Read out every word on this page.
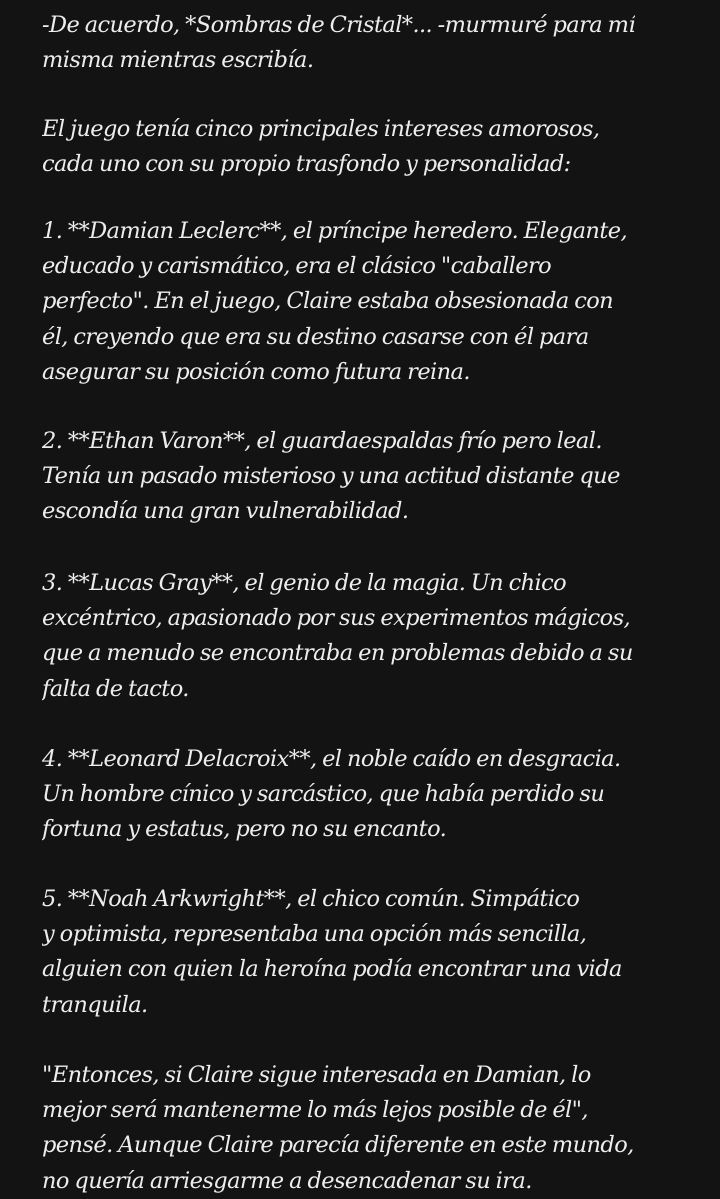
-De acuerdo, *Sombras de Cristal*... -murmuré para mí
misma mientras escribía.

El juego tenía cinco principales intereses amorosos,
cada uno con su propio trasfondo y personalidad:

1. **Damian Leclerc**, el príncipe heredero. Elegante,
educado y carismático, era el clásico "caballero
perfecto". En el juego, Claire estaba obsesionada con
él, creyendo que era su destino casarse con él para
asegurar su posición como futura reina.

2. **Ethan Varon**, el guardaespaldas frío pero leal.
Tenía un pasado misterioso y una actitud distante que
escondía una gran vulnerabilidad.

3. **Lucas Gray**, el genio de la magia. Un chico
excéntrico, apasionado por sus experimentos mágicos,
que a menudo se encontraba en problemas debido a su
falta de tacto.

4. **Leonard Delacroix**, el noble caído en desgracia.
Un hombre cínico y sarcástico, que había perdido su
fortuna y estatus, pero no su encanto.

5. **Noah Arkwright**, el chico común. Simpático
y optimista, representaba una opción más sencilla,
alguien con quien la heroína podía encontrar una vida
tranquila.

"Entonces, si Claire sigue interesada en Damian, lo
mejor será mantenerme lo más lejos posible de él",
pensé. Aunque Claire parecía diferente en este mundo,
no quería arriesgarme a desencadenar su ira.
